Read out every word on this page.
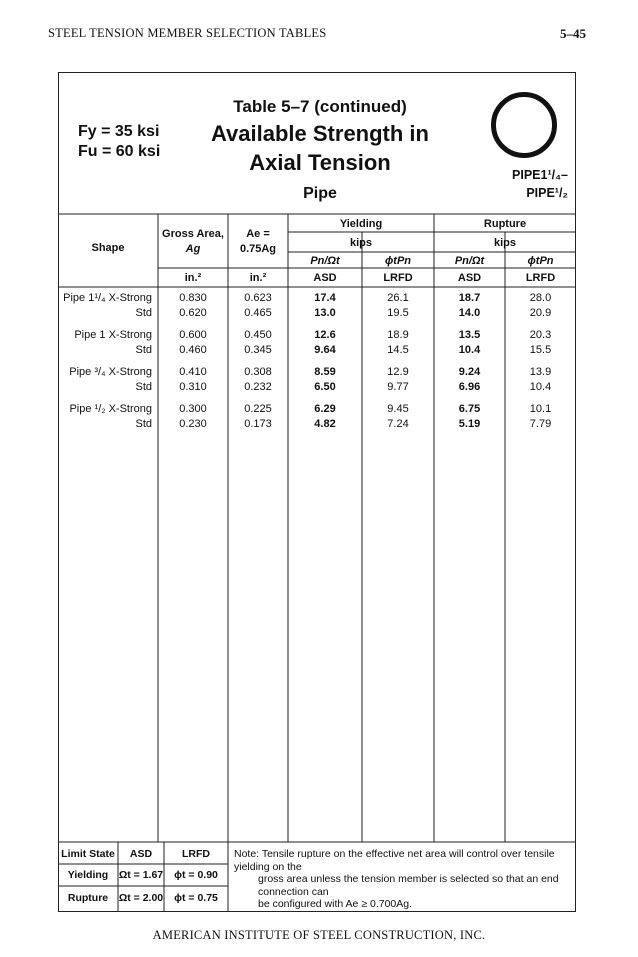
STEEL TENSION MEMBER SELECTION TABLES	5–45
Fy = 35 ksi
Fu = 60 ksi
Table 5–7 (continued)
Available Strength in
Axial Tension
Pipe
PIPE1¹/₄–
PIPE¹/₂
Shape
Gross Area,
Ag
Ae =
0.75Ag
Yielding	Rupture
kips	kips
Pn/Ωt	ϕtPn	Pn/Ωt	ϕtPn
in.²	in.²	ASD	LRFD	ASD	LRFD
Pipe 1¹/₄ X-Strong	0.830	0.623	17.4	26.1	18.7	28.0
Std	0.620	0.465	13.0	19.5	14.0	20.9
Pipe 1 X-Strong	0.600	0.450	12.6	18.9	13.5	20.3
Std	0.460	0.345	9.64	14.5	10.4	15.5
Pipe ³/₄ X-Strong	0.410	0.308	8.59	12.9	9.24	13.9
Std	0.310	0.232	6.50	9.77	6.96	10.4
Pipe ¹/₂ X-Strong	0.300	0.225	6.29	9.45	6.75	10.1
Std	0.230	0.173	4.82	7.24	5.19	7.79
Limit State	ASD	LRFD
Yielding	Ωt = 1.67	ϕt = 0.90
Rupture	Ωt = 2.00	ϕt = 0.75
Note: Tensile rupture on the effective net area will control over tensile yielding on the
gross area unless the tension member is selected so that an end connection can
be configured with Ae ≥ 0.700Ag.
AMERICAN INSTITUTE OF STEEL CONSTRUCTION, INC.
